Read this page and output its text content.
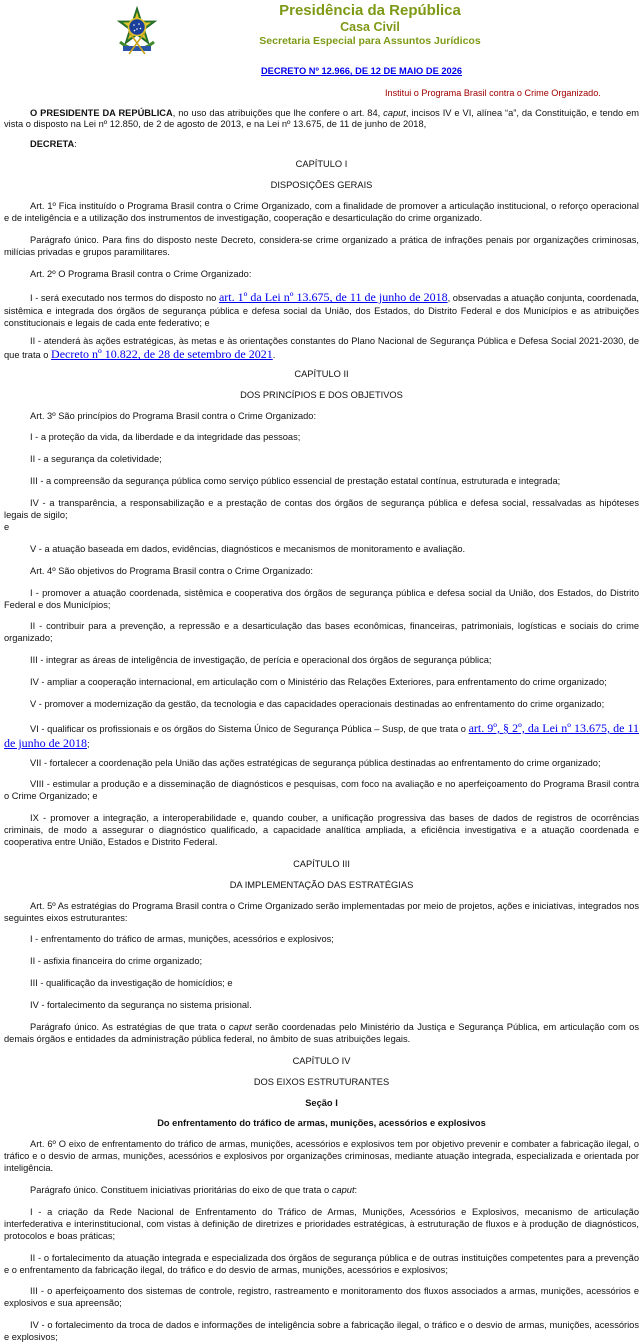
Presidência da República
Casa Civil
Secretaria Especial para Assuntos Jurídicos
DECRETO Nº 12.966, DE 12 DE MAIO DE 2026
Institui o Programa Brasil contra o Crime Organizado.

O PRESIDENTE DA REPÚBLICA, no uso das atribuições que lhe confere o art. 84, caput, incisos IV e VI, alínea “a”, da Constituição, e tendo em vista o disposto na Lei nº 12.850, de 2 de agosto de 2013, e na Lei nº 13.675, de 11 de junho de 2018,

DECRETA:

CAPÍTULO I

DISPOSIÇÕES GERAIS

Art. 1º Fica instituído o Programa Brasil contra o Crime Organizado, com a finalidade de promover a articulação institucional, o reforço operacional e de inteligência e a utilização dos instrumentos de investigação, cooperação e desarticulação do crime organizado.

Parágrafo único. Para fins do disposto neste Decreto, considera-se crime organizado a prática de infrações penais por organizações criminosas, milícias privadas e grupos paramilitares.

Art. 2º O Programa Brasil contra o Crime Organizado:

I - será executado nos termos do disposto no art. 1º da Lei nº 13.675, de 11 de junho de 2018, observadas a atuação conjunta, coordenada, sistêmica e integrada dos órgãos de segurança pública e defesa social da União, dos Estados, do Distrito Federal e dos Municípios e as atribuições constitucionais e legais de cada ente federativo; e

II - atenderá às ações estratégicas, às metas e às orientações constantes do Plano Nacional de Segurança Pública e Defesa Social 2021-2030, de que trata o Decreto nº 10.822, de 28 de setembro de 2021.

CAPÍTULO II

DOS PRINCÍPIOS E DOS OBJETIVOS

Art. 3º São princípios do Programa Brasil contra o Crime Organizado:

I - a proteção da vida, da liberdade e da integridade das pessoas;

II - a segurança da coletividade;

III - a compreensão da segurança pública como serviço público essencial de prestação estatal contínua, estruturada e integrada;

IV - a transparência, a responsabilização e a prestação de contas dos órgãos de segurança pública e defesa social, ressalvadas as hipóteses legais de sigilo;

e

V - a atuação baseada em dados, evidências, diagnósticos e mecanismos de monitoramento e avaliação.

Art. 4º São objetivos do Programa Brasil contra o Crime Organizado:

I - promover a atuação coordenada, sistêmica e cooperativa dos órgãos de segurança pública e defesa social da União, dos Estados, do Distrito Federal e dos Municípios;

II - contribuir para a prevenção, a repressão e a desarticulação das bases econômicas, financeiras, patrimoniais, logísticas e sociais do crime organizado;

III - integrar as áreas de inteligência de investigação, de perícia e operacional dos órgãos de segurança pública;

IV - ampliar a cooperação internacional, em articulação com o Ministério das Relações Exteriores, para enfrentamento do crime organizado;

V - promover a modernização da gestão, da tecnologia e das capacidades operacionais destinadas ao enfrentamento do crime organizado;

VI - qualificar os profissionais e os órgãos do Sistema Único de Segurança Pública – Susp, de que trata o art. 9º, § 2º, da Lei nº 13.675, de 11 de junho de 2018;

VII - fortalecer a coordenação pela União das ações estratégicas de segurança pública destinadas ao enfrentamento do crime organizado;

VIII - estimular a produção e a disseminação de diagnósticos e pesquisas, com foco na avaliação e no aperfeiçoamento do Programa Brasil contra o Crime Organizado; e

IX - promover a integração, a interoperabilidade e, quando couber, a unificação progressiva das bases de dados de registros de ocorrências criminais, de modo a assegurar o diagnóstico qualificado, a capacidade analítica ampliada, a eficiência investigativa e a atuação coordenada e cooperativa entre União, Estados e Distrito Federal.

CAPÍTULO III

DA IMPLEMENTAÇÃO DAS ESTRATÉGIAS

Art. 5º As estratégias do Programa Brasil contra o Crime Organizado serão implementadas por meio de projetos, ações e iniciativas, integrados nos seguintes eixos estruturantes:

I - enfrentamento do tráfico de armas, munições, acessórios e explosivos;

II - asfixia financeira do crime organizado;

III - qualificação da investigação de homicídios; e

IV - fortalecimento da segurança no sistema prisional.

Parágrafo único. As estratégias de que trata o caput serão coordenadas pelo Ministério da Justiça e Segurança Pública, em articulação com os demais órgãos e entidades da administração pública federal, no âmbito de suas atribuições legais.

CAPÍTULO IV

DOS EIXOS ESTRUTURANTES

Seção I

Do enfrentamento do tráfico de armas, munições, acessórios e explosivos

Art. 6º O eixo de enfrentamento do tráfico de armas, munições, acessórios e explosivos tem por objetivo prevenir e combater a fabricação ilegal, o tráfico e o desvio de armas, munições, acessórios e explosivos por organizações criminosas, mediante atuação integrada, especializada e orientada por inteligência.

Parágrafo único. Constituem iniciativas prioritárias do eixo de que trata o caput:

I - a criação da Rede Nacional de Enfrentamento do Tráfico de Armas, Munições, Acessórios e Explosivos, mecanismo de articulação interfederativa e interinstitucional, com vistas à definição de diretrizes e prioridades estratégicas, à estruturação de fluxos e à produção de diagnósticos, protocolos e boas práticas;

II - o fortalecimento da atuação integrada e especializada dos órgãos de segurança pública e de outras instituições competentes para a prevenção e o enfrentamento da fabricação ilegal, do tráfico e do desvio de armas, munições, acessórios e explosivos;

III - o aperfeiçoamento dos sistemas de controle, registro, rastreamento e monitoramento dos fluxos associados a armas, munições, acessórios e explosivos e sua apreensão;

IV - o fortalecimento da troca de dados e informações de inteligência sobre a fabricação ilegal, o tráfico e o desvio de armas, munições, acessórios e explosivos;
